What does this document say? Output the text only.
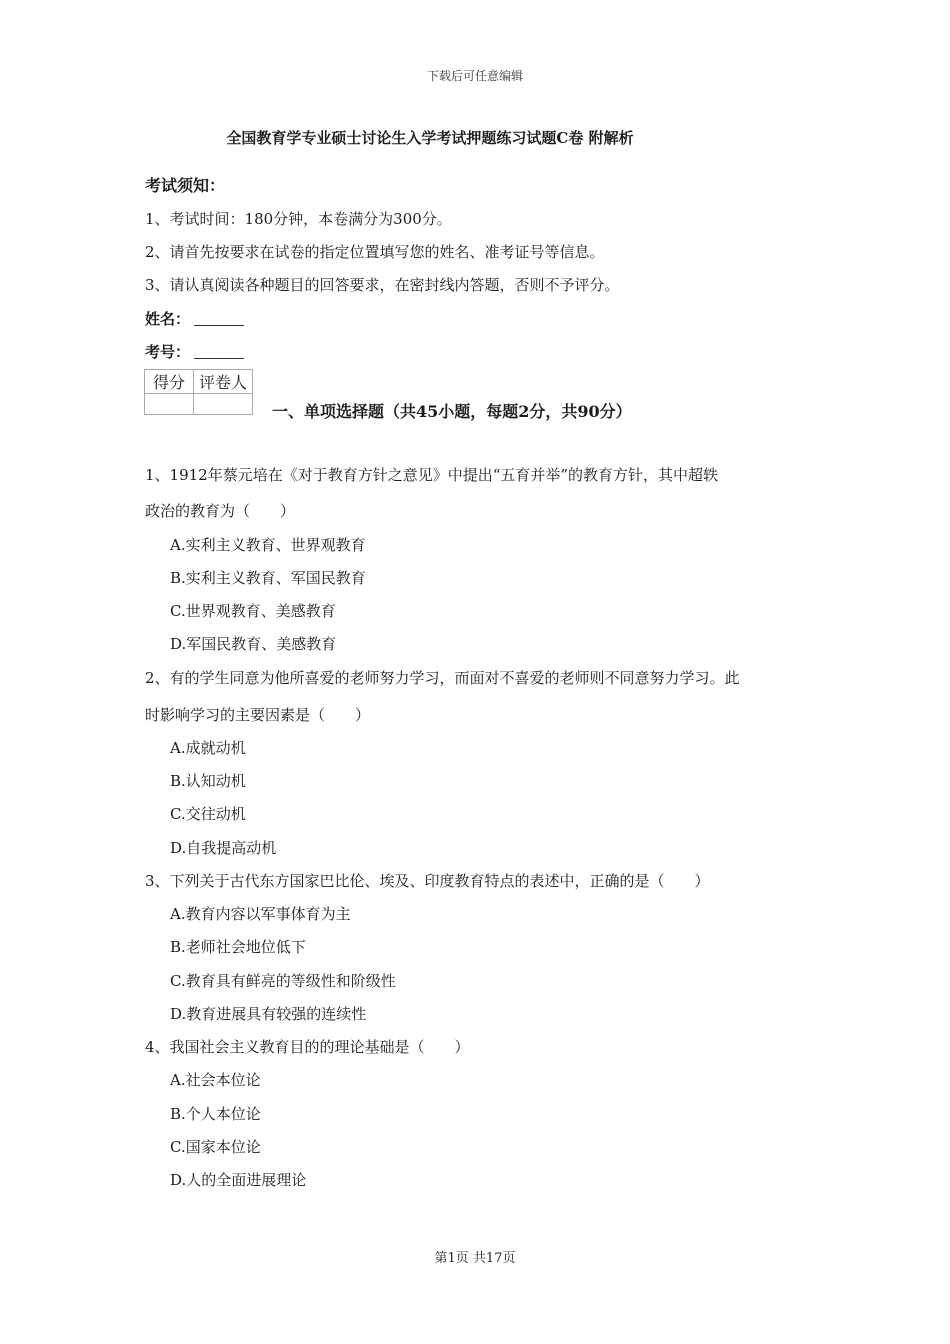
下载后可任意编辑
全国教育学专业硕士讨论生入学考试押题练习试题C卷 附解析
考试须知：
1、考试时间：180分钟，本卷满分为300分。
2、请首先按要求在试卷的指定位置填写您的姓名、准考证号等信息。
3、请认真阅读各种题目的回答要求，在密封线内答题，否则不予评分。
姓名：
考号：
得分	评卷人

一、单项选择题（共45小题，每题2分，共90分）
1、1912年蔡元培在《对于教育方针之意见》中提出“五育并举”的教育方针，其中超轶
政治的教育为（　　）
A.实利主义教育、世界观教育
B.实利主义教育、军国民教育
C.世界观教育、美感教育
D.军国民教育、美感教育
2、有的学生同意为他所喜爱的老师努力学习，而面对不喜爱的老师则不同意努力学习。此
时影响学习的主要因素是（　　）
A.成就动机
B.认知动机
C.交往动机
D.自我提高动机
3、下列关于古代东方国家巴比伦、埃及、印度教育特点的表述中，正确的是（　　）
A.教育内容以军事体育为主
B.老师社会地位低下
C.教育具有鲜亮的等级性和阶级性
D.教育进展具有较强的连续性
4、我国社会主义教育目的的理论基础是（　　）
A.社会本位论
B.个人本位论
C.国家本位论
D.人的全面进展理论
第1页 共17页
